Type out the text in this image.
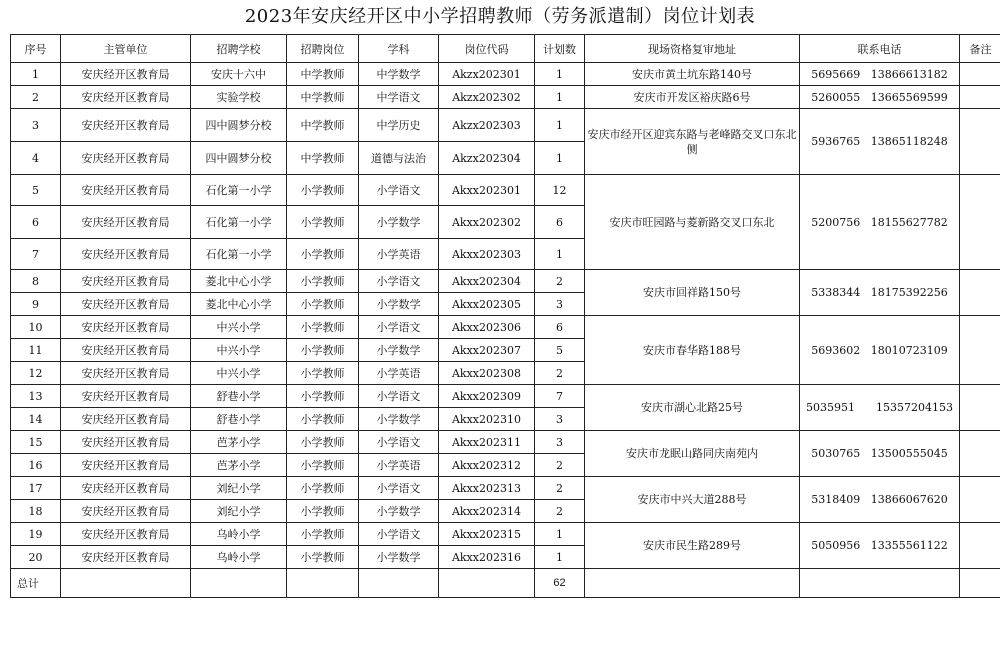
2023年安庆经开区中小学招聘教师（劳务派遣制）岗位计划表
序号	主管单位	招聘学校	招聘岗位	学科	岗位代码	计划数	现场资格复审地址	联系电话	备注
1	安庆经开区教育局	安庆十六中	中学教师	中学数学	Akzx202301	1	安庆市黄土坑东路140号	5695669   13866613182	
2	安庆经开区教育局	实验学校	中学教师	中学语文	Akzx202302	1	安庆市开发区裕庆路6号	5260055   13665569599	
3	安庆经开区教育局	四中圆梦分校	中学教师	中学历史	Akzx202303	1	安庆市经开区迎宾东路与老峰路交叉口东北侧	5936765   13865118248	
4	安庆经开区教育局	四中圆梦分校	中学教师	道德与法治	Akzx202304	1			
5	安庆经开区教育局	石化第一小学	小学教师	小学语文	Akxx202301	12	安庆市旺园路与菱新路交叉口东北	5200756   18155627782	
6	安庆经开区教育局	石化第一小学	小学教师	小学数学	Akxx202302	6			
7	安庆经开区教育局	石化第一小学	小学教师	小学英语	Akxx202303	1			
8	安庆经开区教育局	菱北中心小学	小学教师	小学语文	Akxx202304	2	安庆市回祥路150号	5338344   18175392256	
9	安庆经开区教育局	菱北中心小学	小学教师	小学数学	Akxx202305	3			
10	安庆经开区教育局	中兴小学	小学教师	小学语文	Akxx202306	6	安庆市春华路188号	5693602   18010723109	
11	安庆经开区教育局	中兴小学	小学教师	小学数学	Akxx202307	5			
12	安庆经开区教育局	中兴小学	小学教师	小学英语	Akxx202308	2			
13	安庆经开区教育局	舒巷小学	小学教师	小学语文	Akxx202309	7	安庆市湖心北路25号	5035951      15357204153	
14	安庆经开区教育局	舒巷小学	小学教师	小学数学	Akxx202310	3			
15	安庆经开区教育局	芭茅小学	小学教师	小学语文	Akxx202311	3	安庆市龙眠山路同庆南苑内	5030765   13500555045	
16	安庆经开区教育局	芭茅小学	小学教师	小学英语	Akxx202312	2			
17	安庆经开区教育局	刘纪小学	小学教师	小学语文	Akxx202313	2	安庆市中兴大道288号	5318409   13866067620	
18	安庆经开区教育局	刘纪小学	小学教师	小学数学	Akxx202314	2			
19	安庆经开区教育局	乌岭小学	小学教师	小学语文	Akxx202315	1	安庆市民生路289号	5050956   13355561122	
20	安庆经开区教育局	乌岭小学	小学教师	小学数学	Akxx202316	1			
总计						62			
